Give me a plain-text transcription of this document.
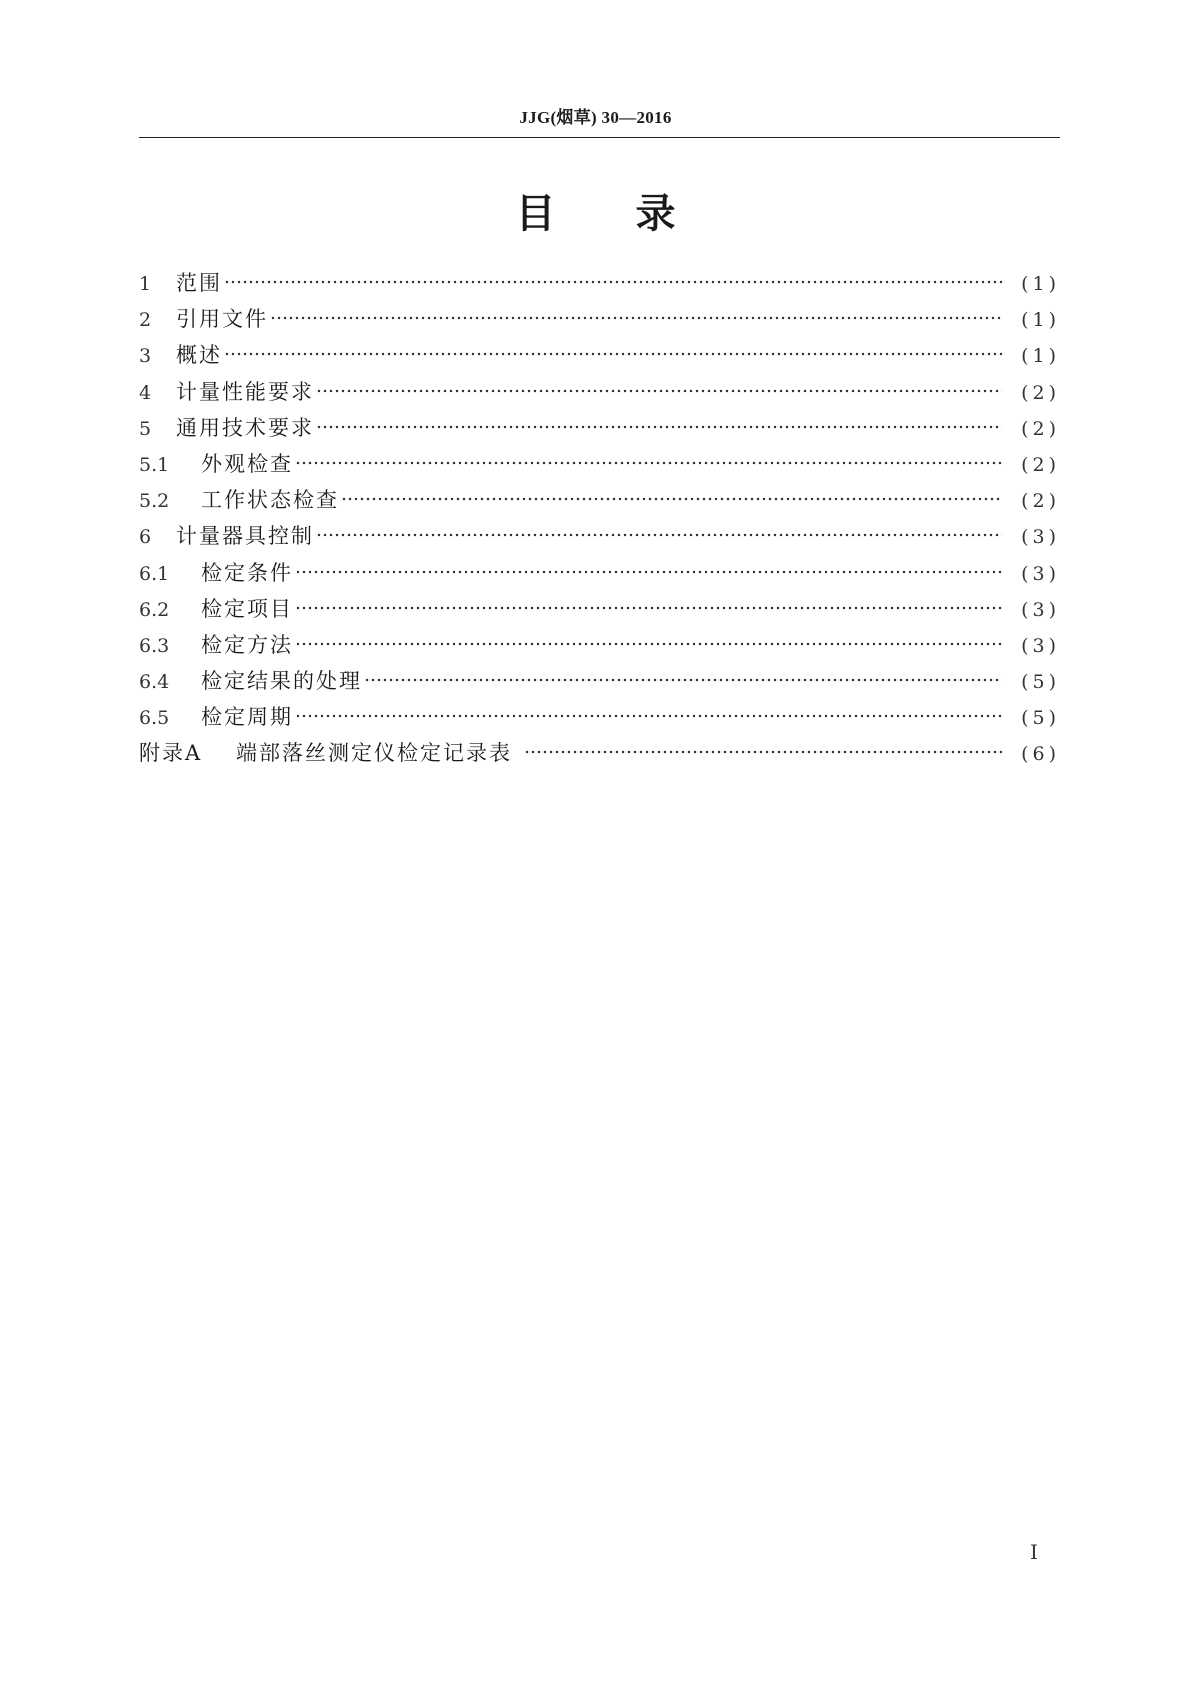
JJG(烟草) 30—2016
目录
1	范围	(1)
2	引用文件	(1)
3	概述	(1)
4	计量性能要求	(2)
5	通用技术要求	(2)
5.1	外观检查	(2)
5.2	工作状态检查	(2)
6	计量器具控制	(3)
6.1	检定条件	(3)
6.2	检定项目	(3)
6.3	检定方法	(3)
6.4	检定结果的处理	(5)
6.5	检定周期	(5)
附录A	端部落丝测定仪检定记录表	(6)
I
